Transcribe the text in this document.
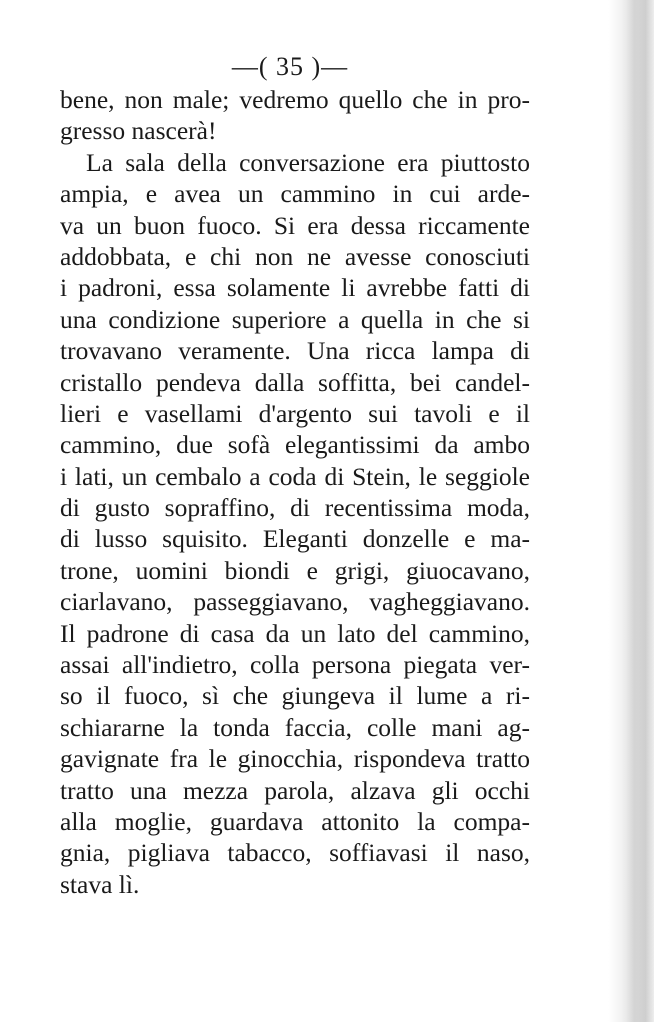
—( 35 )—
bene, non male; vedremo quello che in pro-
gresso nascerà!
La sala della conversazione era piuttosto
ampia, e avea un cammino in cui arde-
va un buon fuoco. Si era dessa riccamente
addobbata, e chi non ne avesse conosciuti
i padroni, essa solamente li avrebbe fatti di
una condizione superiore a quella in che si
trovavano veramente. Una ricca lampa di
cristallo pendeva dalla soffitta, bei candel-
lieri e vasellami d'argento sui tavoli e il
cammino, due sofà elegantissimi da ambo
i lati, un cembalo a coda di Stein, le seggiole
di gusto sopraffino, di recentissima moda,
di lusso squisito. Eleganti donzelle e ma-
trone, uomini biondi e grigi, giuocavano,
ciarlavano, passeggiavano, vagheggiavano.
Il padrone di casa da un lato del cammino,
assai all'indietro, colla persona piegata ver-
so il fuoco, sì che giungeva il lume a ri-
schiararne la tonda faccia, colle mani ag-
gavignate fra le ginocchia, rispondeva tratto
tratto una mezza parola, alzava gli occhi
alla moglie, guardava attonito la compa-
gnia, pigliava tabacco, soffiavasi il naso,
stava lì.
